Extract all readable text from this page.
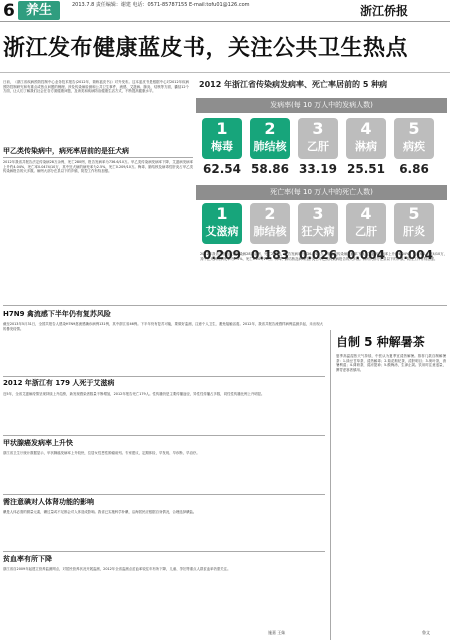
6 养生	2013.7.8 责任编辑：谢建 电话：0571-85787155 E-mail:tofu01@126.com	浙江侨报
浙江发布健康蓝皮书，关注公共卫生热点
日前，《浙江省疾病预防控制中心业务技术报告(2012年，简称蓝皮书)》对外发布。这本蓝皮书是根据中心对2012年疾病预防控制研究和有重点或热点问题的梳理、涉及传染病检测和公共卫生事件，流感、艾滋病、肺炎、结核等方面，囊括12个方面，让人们了解我们社会在各方面健康问题，及该类和疾病防治健康生活方式，不断提高健康水平。
2012 年浙江省传染病发病率、死亡率居前的 5 种病
发病率(每 10 万人中的发病人数)
1
梅毒
62.54
2
肺结核
58.86
3
乙肝
33.19
4
淋病
25.51
5
病疾
6.86
死亡率(每 10 万人中的死亡人数)
1
艾滋病
0.209
2
肺结核
0.183
3
狂犬病
0.026
4
乙肝
0.004
5
肝炎
0.004
甲乙类传染病中，病死率居前的是狂犬病
2012年我省共报告法定传染病28万余例，死亡280例，报告发病率为736.6/10万。甲乙类传染病发病率下降，艾滋病发病率上升约4.04%，死亡率0.0474/10万，其中狂犬病的病死率为2.5%，死亡0.209/10万。梅毒、肺结核及病毒性肝炎占甲乙类传染病报告的大多数。病例大部分在县以下的乡镇，防控工作有待加强。
2012年我省共报告法定传染病28万余例，死亡280例，报告发病率为736.6/10万。甲乙类传染病发病率下降，艾滋病发病率上升约4.04%，死亡率0.0474/10万，其中狂犬病的病死率为2.5%，死亡0.209/10万。梅毒、肺结核及病毒性肝炎占甲乙类传染病报告的大多数。病例大部分在县以下的乡镇，防控工作有待加强。
H7N9 禽流感下半年仍有复苏风险
截至2013年5月31日，全国共报告人感染H7N9禽流感确诊病例131例，其中浙江省46例。下半年仍有复苏可能，要做好监测，注意个人卫生，避免接触活禽。2012年，我省共报告流感样病例监测多起，未出现大的暴发疫情。
2012 年浙江有 179 人死于艾滋病
近5年，全省艾滋病疫情呈现持续上升趋势，新发现感染者数量不断增加，2012年报告死亡179人。性传播仍是主要传播途径，异性性传播占多数，同性性传播比例上升明显。
甲状腺癌发病率上升快
浙江省卫生厅统计数据显示，甲状腺癌发病率上升较快，位居女性恶性肿瘤前列。专家建议，定期体检，早发现、早诊断、早治疗。
需注意碘对人体肾功能的影响
碘是人体必需的微量元素，碘过量或不足都会对人体造成影响。我省已实施科学补碘，沿海居民应根据自身情况，合理选择碘盐。
贫血率有所下降
浙江省自2009年起建立营养监测网点，对居民营养状况开展监测，2012年全省监测点贫血率较往年有所下降，儿童、孕妇等重点人群贫血率仍需关注。
自制 5 种解暑茶
夏季高温湿热天气持续，中医认为夏季宜清热解暑。推荐几款自制解暑茶：1.绿豆甘草茶，清热解毒；2.菊花枸杞茶，清肝明目；3.荷叶茶，消暑利湿；4.薄荷茶，清凉提神；5.酸梅汤，生津止渴。饮用时注意适量，脾胃虚寒者慎用。
鲁文
施嘉 王妹
